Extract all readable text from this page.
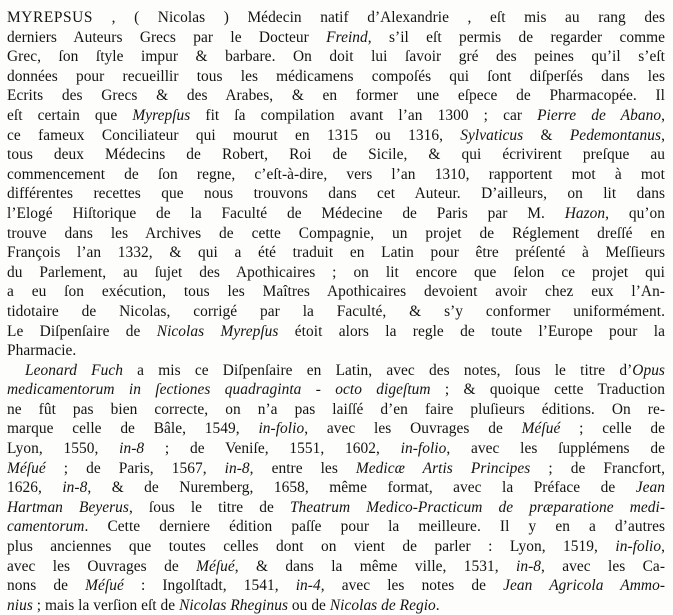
MYREPSUS , ( Nicolas ) Médecin natif d’Alexandrie , eſt mis au rang des
derniers Auteurs Grecs par le Docteur Freind, s’il eſt permis de regarder comme
Grec, ſon ſtyle impur & barbare. On doit lui ſavoir gré des peines qu’il s’eſt
données pour recueillir tous les médicamens compoſés qui ſont diſperſés dans les
Ecrits des Grecs & des Arabes, & en former une eſpece de Pharmacopée. Il
eſt certain que Myrepſus fit ſa compilation avant l’an 1300 ; car Pierre de Abano,
ce fameux Conciliateur qui mourut en 1315 ou 1316, Sylvaticus & Pedemontanus,
tous deux Médecins de Robert, Roi de Sicile, & qui écrivirent preſque au
commencement de ſon regne, c’eſt-à-dire, vers l’an 1310, rapportent mot à mot
différentes recettes que nous trouvons dans cet Auteur. D’ailleurs, on lit dans
l’Elogé Hiſtorique de la Faculté de Médecine de Paris par M. Hazon, qu’on
trouve dans les Archives de cette Compagnie, un projet de Réglement dreſſé en
François l’an 1332, & qui a été traduit en Latin pour être préſenté à Meſſieurs
du Parlement, au ſujet des Apothicaires ; on lit encore que ſelon ce projet qui
a eu ſon exécution, tous les Maîtres Apothicaires devoient avoir chez eux l’An-
tidotaire de Nicolas, corrigé par la Faculté, & s’y conformer uniformément.
Le Diſpenſaire de Nicolas Myrepſus étoit alors la regle de toute l’Europe pour la
Pharmacie.
Leonard Fuch a mis ce Diſpenſaire en Latin, avec des notes, ſous le titre d’Opus
medicamentorum in ſectiones quadraginta - octo digeſtum ; & quoique cette Traduction
ne fût pas bien correcte, on n’a pas laiſſé d’en faire pluſieurs éditions. On re-
marque celle de Bâle, 1549, in-folio, avec les Ouvrages de Méſué ; celle de
Lyon, 1550, in-8 ; de Veniſe, 1551, 1602, in-folio, avec les ſupplémens de
Méſué ; de Paris, 1567, in-8, entre les Medicæ Artis Principes ; de Francfort,
1626, in-8, & de Nuremberg, 1658, même format, avec la Préface de Jean
Hartman Beyerus, ſous le titre de Theatrum Medico-Practicum de præparatione medi-
camentorum. Cette derniere édition paſſe pour la meilleure. Il y en a d’autres
plus anciennes que toutes celles dont on vient de parler : Lyon, 1519, in-folio,
avec les Ouvrages de Méſué, & dans la même ville, 1531, in-8, avec les Ca-
nons de Méſué : Ingolſtadt, 1541, in-4, avec les notes de Jean Agricola Ammo-
nius ; mais la verſion eſt de Nicolas Rheginus ou de Nicolas de Regio.
